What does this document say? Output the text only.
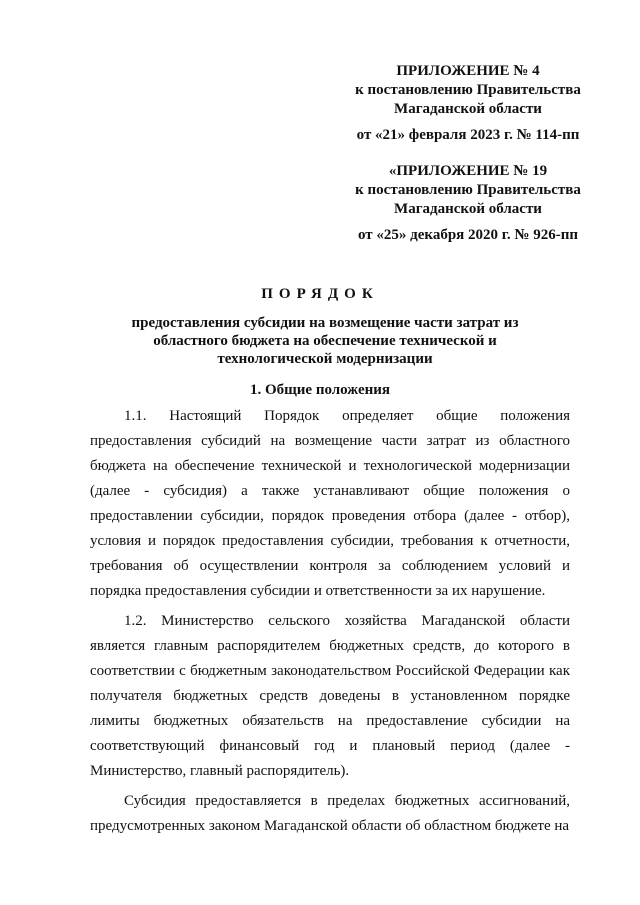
ПРИЛОЖЕНИЕ № 4
к постановлению Правительства Магаданской области
от «21» февраля 2023 г. № 114-пп
«ПРИЛОЖЕНИЕ № 19
к постановлению Правительства Магаданской области
от «25» декабря 2020 г. № 926-пп
ПОРЯДОК
предоставления субсидии на возмещение части затрат из областного бюджета на обеспечение технической и технологической модернизации
1. Общие положения

1.1. Настоящий Порядок определяет общие положения предоставления субсидий на возмещение части затрат из областного бюджета на обеспечение технической и технологической модернизации (далее - субсидия) а также устанавливают общие положения о предоставлении субсидии, порядок проведения отбора (далее - отбор), условия и порядок предоставления субсидии, требования к отчетности, требования об осуществлении контроля за соблюдением условий и порядка предоставления субсидии и ответственности за их нарушение.

1.2. Министерство сельского хозяйства Магаданской области является главным распорядителем бюджетных средств, до которого в соответствии с бюджетным законодательством Российской Федерации как получателя бюджетных средств доведены в установленном порядке лимиты бюджетных обязательств на предоставление субсидии на соответствующий финансовый год и плановый период (далее - Министерство, главный распорядитель).

Субсидия предоставляется в пределах бюджетных ассигнований, предусмотренных законом Магаданской области об областном бюджете на
